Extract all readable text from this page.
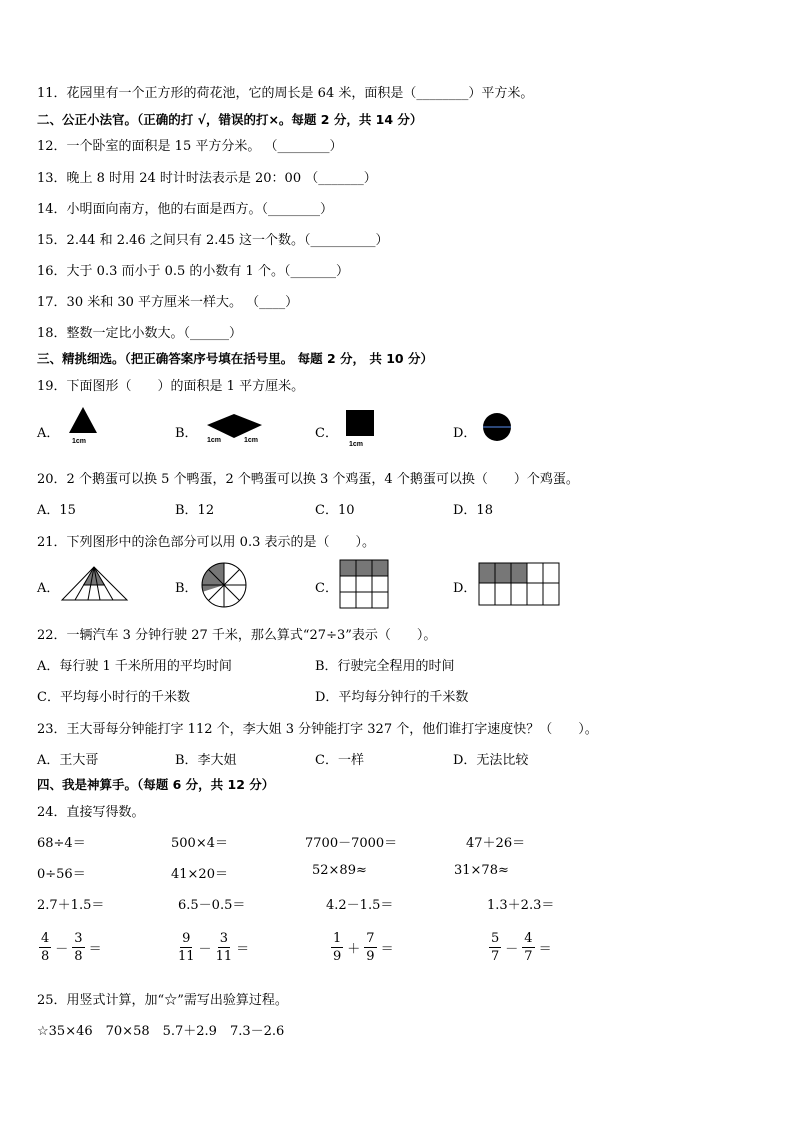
11．花园里有一个正方形的荷花池，它的周长是 64 米，面积是（________）平方米。
二、公正小法官。（正确的打 √，错误的打×。每题 2 分，共 14 分）
12．一个卧室的面积是 15 平方分米。 （________）
13．晚上 8 时用 24 时计时法表示是 20：00 （_______）
14．小明面向南方，他的右面是西方。（________）
15．2.44 和 2.46 之间只有 2.45 这一个数。（__________）
16．大于 0.3 而小于 0.5 的小数有 1 个。（_______）
17．30 米和 30 平方厘米一样大。 （____）
18．整数一定比小数大。（______）
三、精挑细选。（把正确答案序号填在括号里。 每题 2 分， 共 10 分）
19．下面图形（　　）的面积是 1 平方厘米。
A．
1cm
B． 1cm	1cm	C．
1cm
D．
20．2 个鹅蛋可以换 5 个鸭蛋，2 个鸭蛋可以换 3 个鸡蛋，4 个鹅蛋可以换（　　）个鸡蛋。
A．15	B．12	C．10	D．18
21．下列图形中的涂色部分可以用 0.3 表示的是（　　）。
A．	B．	C．	D．
22．一辆汽车 3 分钟行驶 27 千米，那么算式“27÷3”表示（　　）。
A．每行驶 1 千米所用的平均时间	B．行驶完全程用的时间
C．平均每小时行的千米数	D．平均每分钟行的千米数
23．王大哥每分钟能打字 112 个，李大姐 3 分钟能打字 327 个，他们谁打字速度快？（　　）。
A．王大哥	B．李大姐	C．一样	D．无法比较
四、我是神算手。（每题 6 分，共 12 分）
24．直接写得数。
68÷4＝	500×4＝	7700－7000＝	47＋26＝
0÷56＝	41×20＝	52×89≈	31×78≈
2.7＋1.5＝	6.5－0.5＝	4.2－1.5＝	1.3＋2.3＝
$\frac{4}{8} - \frac{3}{8}$ ＝	$\frac{9}{11} - \frac{3}{11}$ ＝	$\frac{1}{9} + \frac{7}{9}$ ＝	$\frac{5}{7} - \frac{4}{7}$ ＝
25．用竖式计算，加“☆”需写出验算过程。
☆35×46　70×58　5.7＋2.9　7.3－2.6
